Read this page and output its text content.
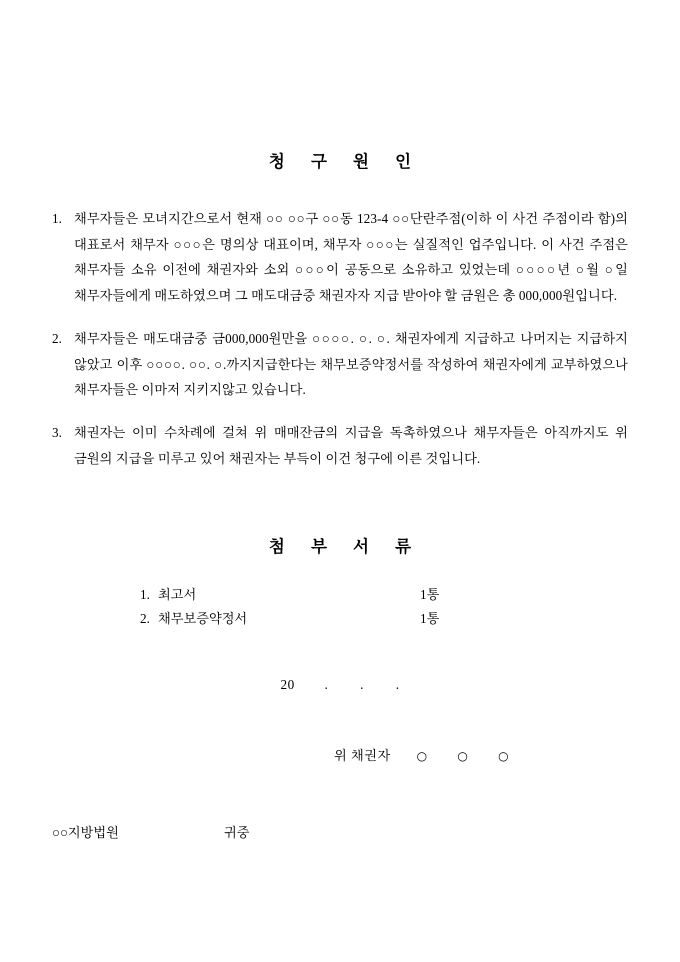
청 구 원 인
1. 채무자들은 모녀지간으로서 현재 ○○ ○○구 ○○동 123-4 ○○단란주점(이하 이 사건 주점이라 함)의 대표로서 채무자 ○○○은 명의상 대표이며, 채무자 ○○○는 실질적인 업주입니다. 이 사건 주점은 채무자들 소유 이전에 채권자와 소외 ○○○이 공동으로 소유하고 있었는데 ○○○○년 ○월 ○일 채무자들에게 매도하였으며 그 매도대금중 채권자자 지급 받아야 할 금원은 총 000,000원입니다.
2. 채무자들은 매도대금중 금000,000원만을 ○○○○. ○. ○. 채권자에게 지급하고 나머지는 지급하지 않았고 이후 ○○○○. ○○. ○.까지지급한다는 채무보증약정서를 작성하여 채권자에게 교부하였으나 채무자들은 이마저 지키지않고 있습니다.
3. 채권자는 이미 수차례에 걸쳐 위 매매잔금의 지급을 독촉하였으나 채무자들은 아직까지도 위 금원의 지급을 미루고 있어 채권자는 부득이 이건 청구에 이른 것입니다.
첨 부 서 류
1. 최고서	1통
2. 채무보증약정서	1통
20 . . .
위 채권자 ○ ○ ○
○○지방법원	귀중
